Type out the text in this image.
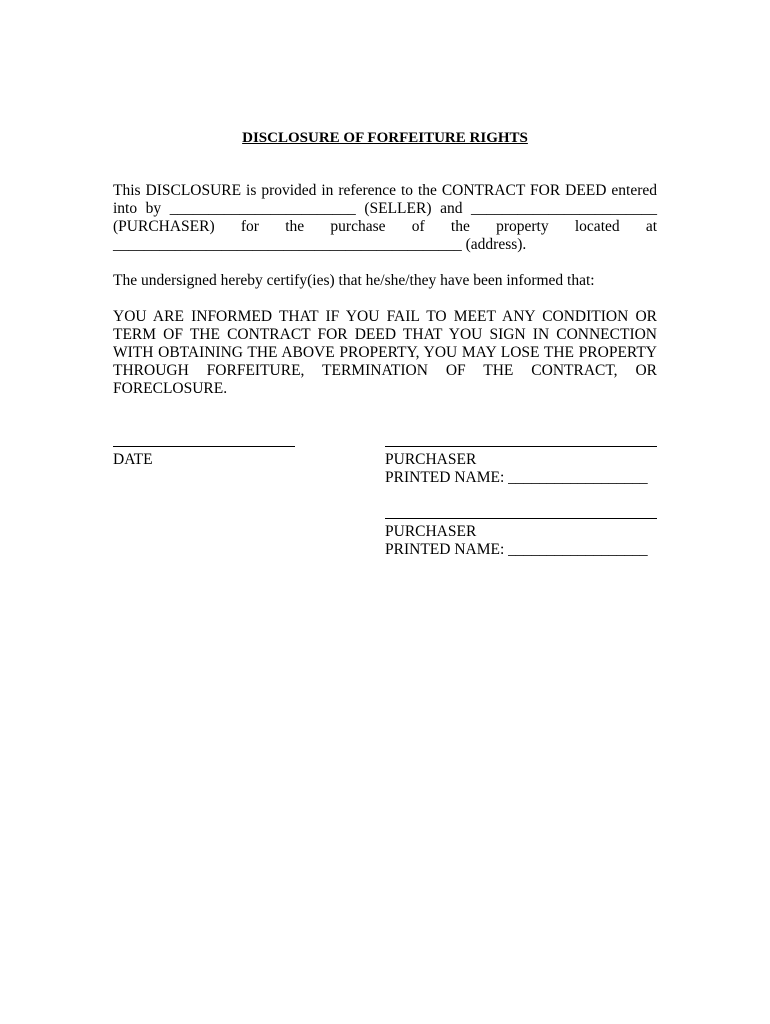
DISCLOSURE OF FORFEITURE RIGHTS
This DISCLOSURE is provided in reference to the CONTRACT FOR DEED entered
into by ________________________ (SELLER) and ________________________
(PURCHASER) for the purchase of the property located at
_____________________________________________ (address).
The undersigned hereby certify(ies) that he/she/they have been informed that:
YOU ARE INFORMED THAT IF YOU FAIL TO MEET ANY CONDITION OR
TERM OF THE CONTRACT FOR DEED THAT YOU SIGN IN CONNECTION
WITH OBTAINING THE ABOVE PROPERTY, YOU MAY LOSE THE PROPERTY
THROUGH FORFEITURE, TERMINATION OF THE CONTRACT, OR
FORECLOSURE.
DATE	PURCHASER
PRINTED NAME: __________________
PURCHASER
PRINTED NAME: __________________
